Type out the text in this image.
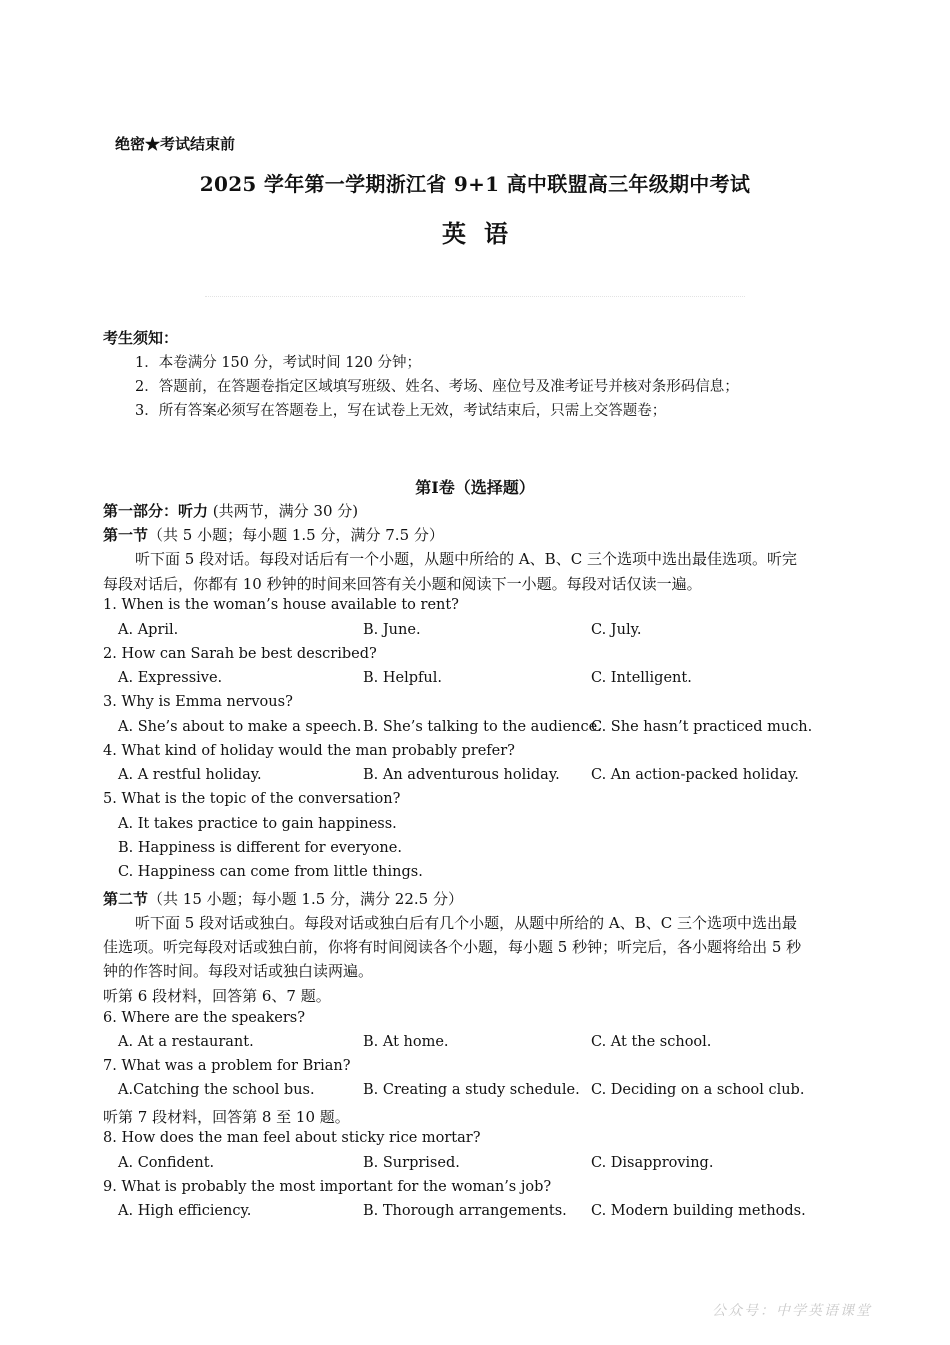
绝密★考试结束前
2025 学年第一学期浙江省 9+1 高中联盟高三年级期中考试
英语
考生须知：
1．本卷满分 150 分，考试时间 120 分钟；
2．答题前，在答题卷指定区域填写班级、姓名、考场、座位号及准考证号并核对条形码信息；
3．所有答案必须写在答题卷上，写在试卷上无效，考试结束后，只需上交答题卷；
第Ⅰ卷（选择题）
第一部分：听力 (共两节，满分 30 分)
第一节（共 5 小题；每小题 1.5 分，满分 7.5 分）
听下面 5 段对话。每段对话后有一个小题，从题中所给的 A、B、C 三个选项中选出最佳选项。听完
每段对话后，你都有 10 秒钟的时间来回答有关小题和阅读下一小题。每段对话仅读一遍。
1. When is the woman’s house available to rent?
A. April.	B. June.	C. July.
2. How can Sarah be best described?
A. Expressive.	B. Helpful.	C. Intelligent.
3. Why is Emma nervous?
A. She’s about to make a speech. B. She’s talking to the audience.
C. She hasn’t practiced much.
4. What kind of holiday would the man probably prefer?
A. A restful holiday.	B. An adventurous holiday. C. An action-packed holiday.
5. What is the topic of the conversation?
A. It takes practice to gain happiness.
B. Happiness is different for everyone.
C. Happiness can come from little things.
第二节（共 15 小题；每小题 1.5 分，满分 22.5 分）
听下面 5 段对话或独白。每段对话或独白后有几个小题，从题中所给的 A、B、C 三个选项中选出最
佳选项。听完每段对话或独白前，你将有时间阅读各个小题，每小题 5 秒钟；听完后，各小题将给出 5 秒
钟的作答时间。每段对话或独白读两遍。
听第 6 段材料，回答第 6、7 题。
6. Where are the speakers?
A. At a restaurant.	B. At home.	C. At the school.
7. What was a problem for Brian?
A.Catching the school bus.	B. Creating a study schedule. C. Deciding on a school club.
听第 7 段材料，回答第 8 至 10 题。
8. How does the man feel about sticky rice mortar?
A. Confident.	B. Surprised.	C. Disapproving.
9. What is probably the most important for the woman’s job?
A. High efficiency.	B. Thorough arrangements. C. Modern building methods.
公众号：中学英语课堂
